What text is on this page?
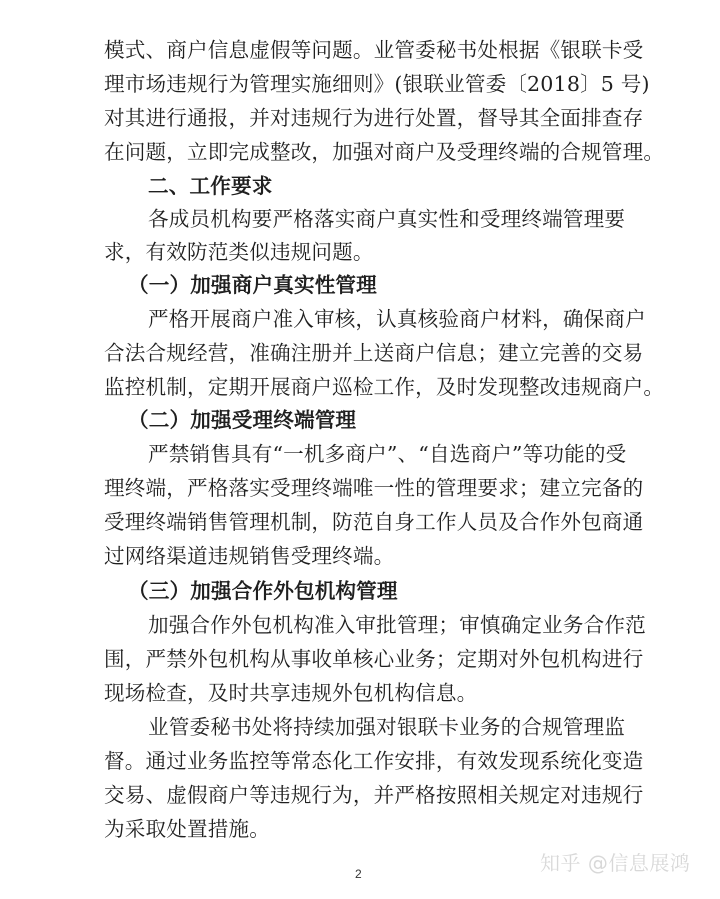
模式、商户信息虚假等问题。业管委秘书处根据《银联卡受
理市场违规行为管理实施细则》(银联业管委〔2018〕5 号)
对其进行通报，并对违规行为进行处置，督导其全面排查存
在问题，立即完成整改，加强对商户及受理终端的合规管理。
二、工作要求
各成员机构要严格落实商户真实性和受理终端管理要
求，有效防范类似违规问题。
（一）加强商户真实性管理
严格开展商户准入审核，认真核验商户材料，确保商户
合法合规经营，准确注册并上送商户信息；建立完善的交易
监控机制，定期开展商户巡检工作，及时发现整改违规商户。
（二）加强受理终端管理
严禁销售具有“一机多商户”、“自选商户”等功能的受
理终端，严格落实受理终端唯一性的管理要求；建立完备的
受理终端销售管理机制，防范自身工作人员及合作外包商通
过网络渠道违规销售受理终端。
（三）加强合作外包机构管理
加强合作外包机构准入审批管理；审慎确定业务合作范
围，严禁外包机构从事收单核心业务；定期对外包机构进行
现场检查，及时共享违规外包机构信息。
业管委秘书处将持续加强对银联卡业务的合规管理监
督。通过业务监控等常态化工作安排，有效发现系统化变造
交易、虚假商户等违规行为，并严格按照相关规定对违规行
为采取处置措施。
知乎 @信息展鸿
2
